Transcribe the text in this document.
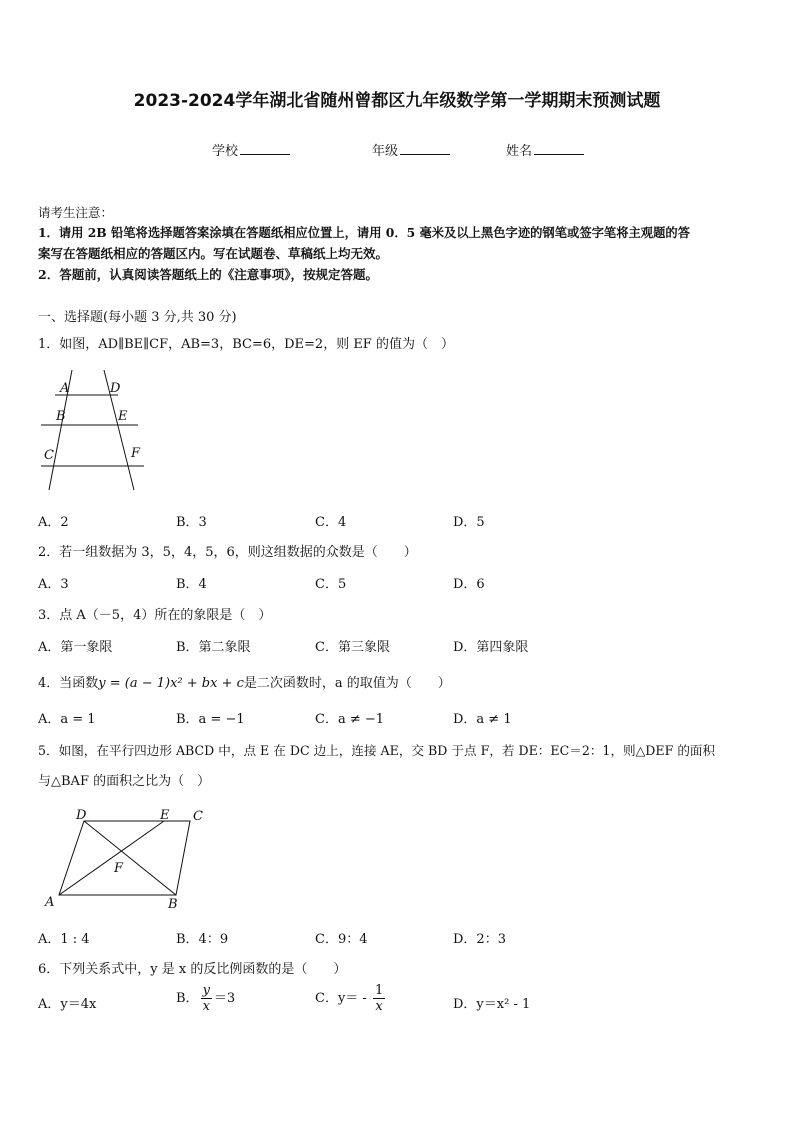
2023-2024学年湖北省随州曾都区九年级数学第一学期期末预测试题
学校	年级	姓名
请考生注意：
1．请用 2B 铅笔将选择题答案涂填在答题纸相应位置上，请用 0．5 毫米及以上黑色字迹的钢笔或签字笔将主观题的答
案写在答题纸相应的答题区内。写在试题卷、草稿纸上均无效。
2．答题前，认真阅读答题纸上的《注意事项》，按规定答题。
一、选择题(每小题 3 分,共 30 分)
1．如图，AD∥BE∥CF，AB=3，BC=6，DE=2，则 EF 的值为（　）
A	D
B	E
C	F
A．2	B．3	C．4	D．5
2．若一组数据为 3，5，4，5，6，则这组数据的众数是（　　）
A．3	B．4	C．5	D．6
3．点 A（－5，4）所在的象限是（　）
A．第一象限	B．第二象限	C．第三象限	D．第四象限
4．当函数y = (a − 1)x² + bx + c是二次函数时，a 的取值为（　　）
A．a = 1	B．a = −1	C．a ≠ −1	D．a ≠ 1
5．如图，在平行四边形 ABCD 中，点 E 在 DC 边上，连接 AE，交 BD 于点 F，若 DE：EC＝2：1，则△DEF 的面积
与△BAF 的面积之比为（　）
D	E C
F
A	B
A．1 : 4	B．4：9	C．9：4	D．2：3
6．下列关系式中，y 是 x 的反比例函数的是（　　）
A．y＝4x	B． $\frac{y}{x} =3$	C．$y= - \frac{1}{x}$	D．y＝x² - 1
